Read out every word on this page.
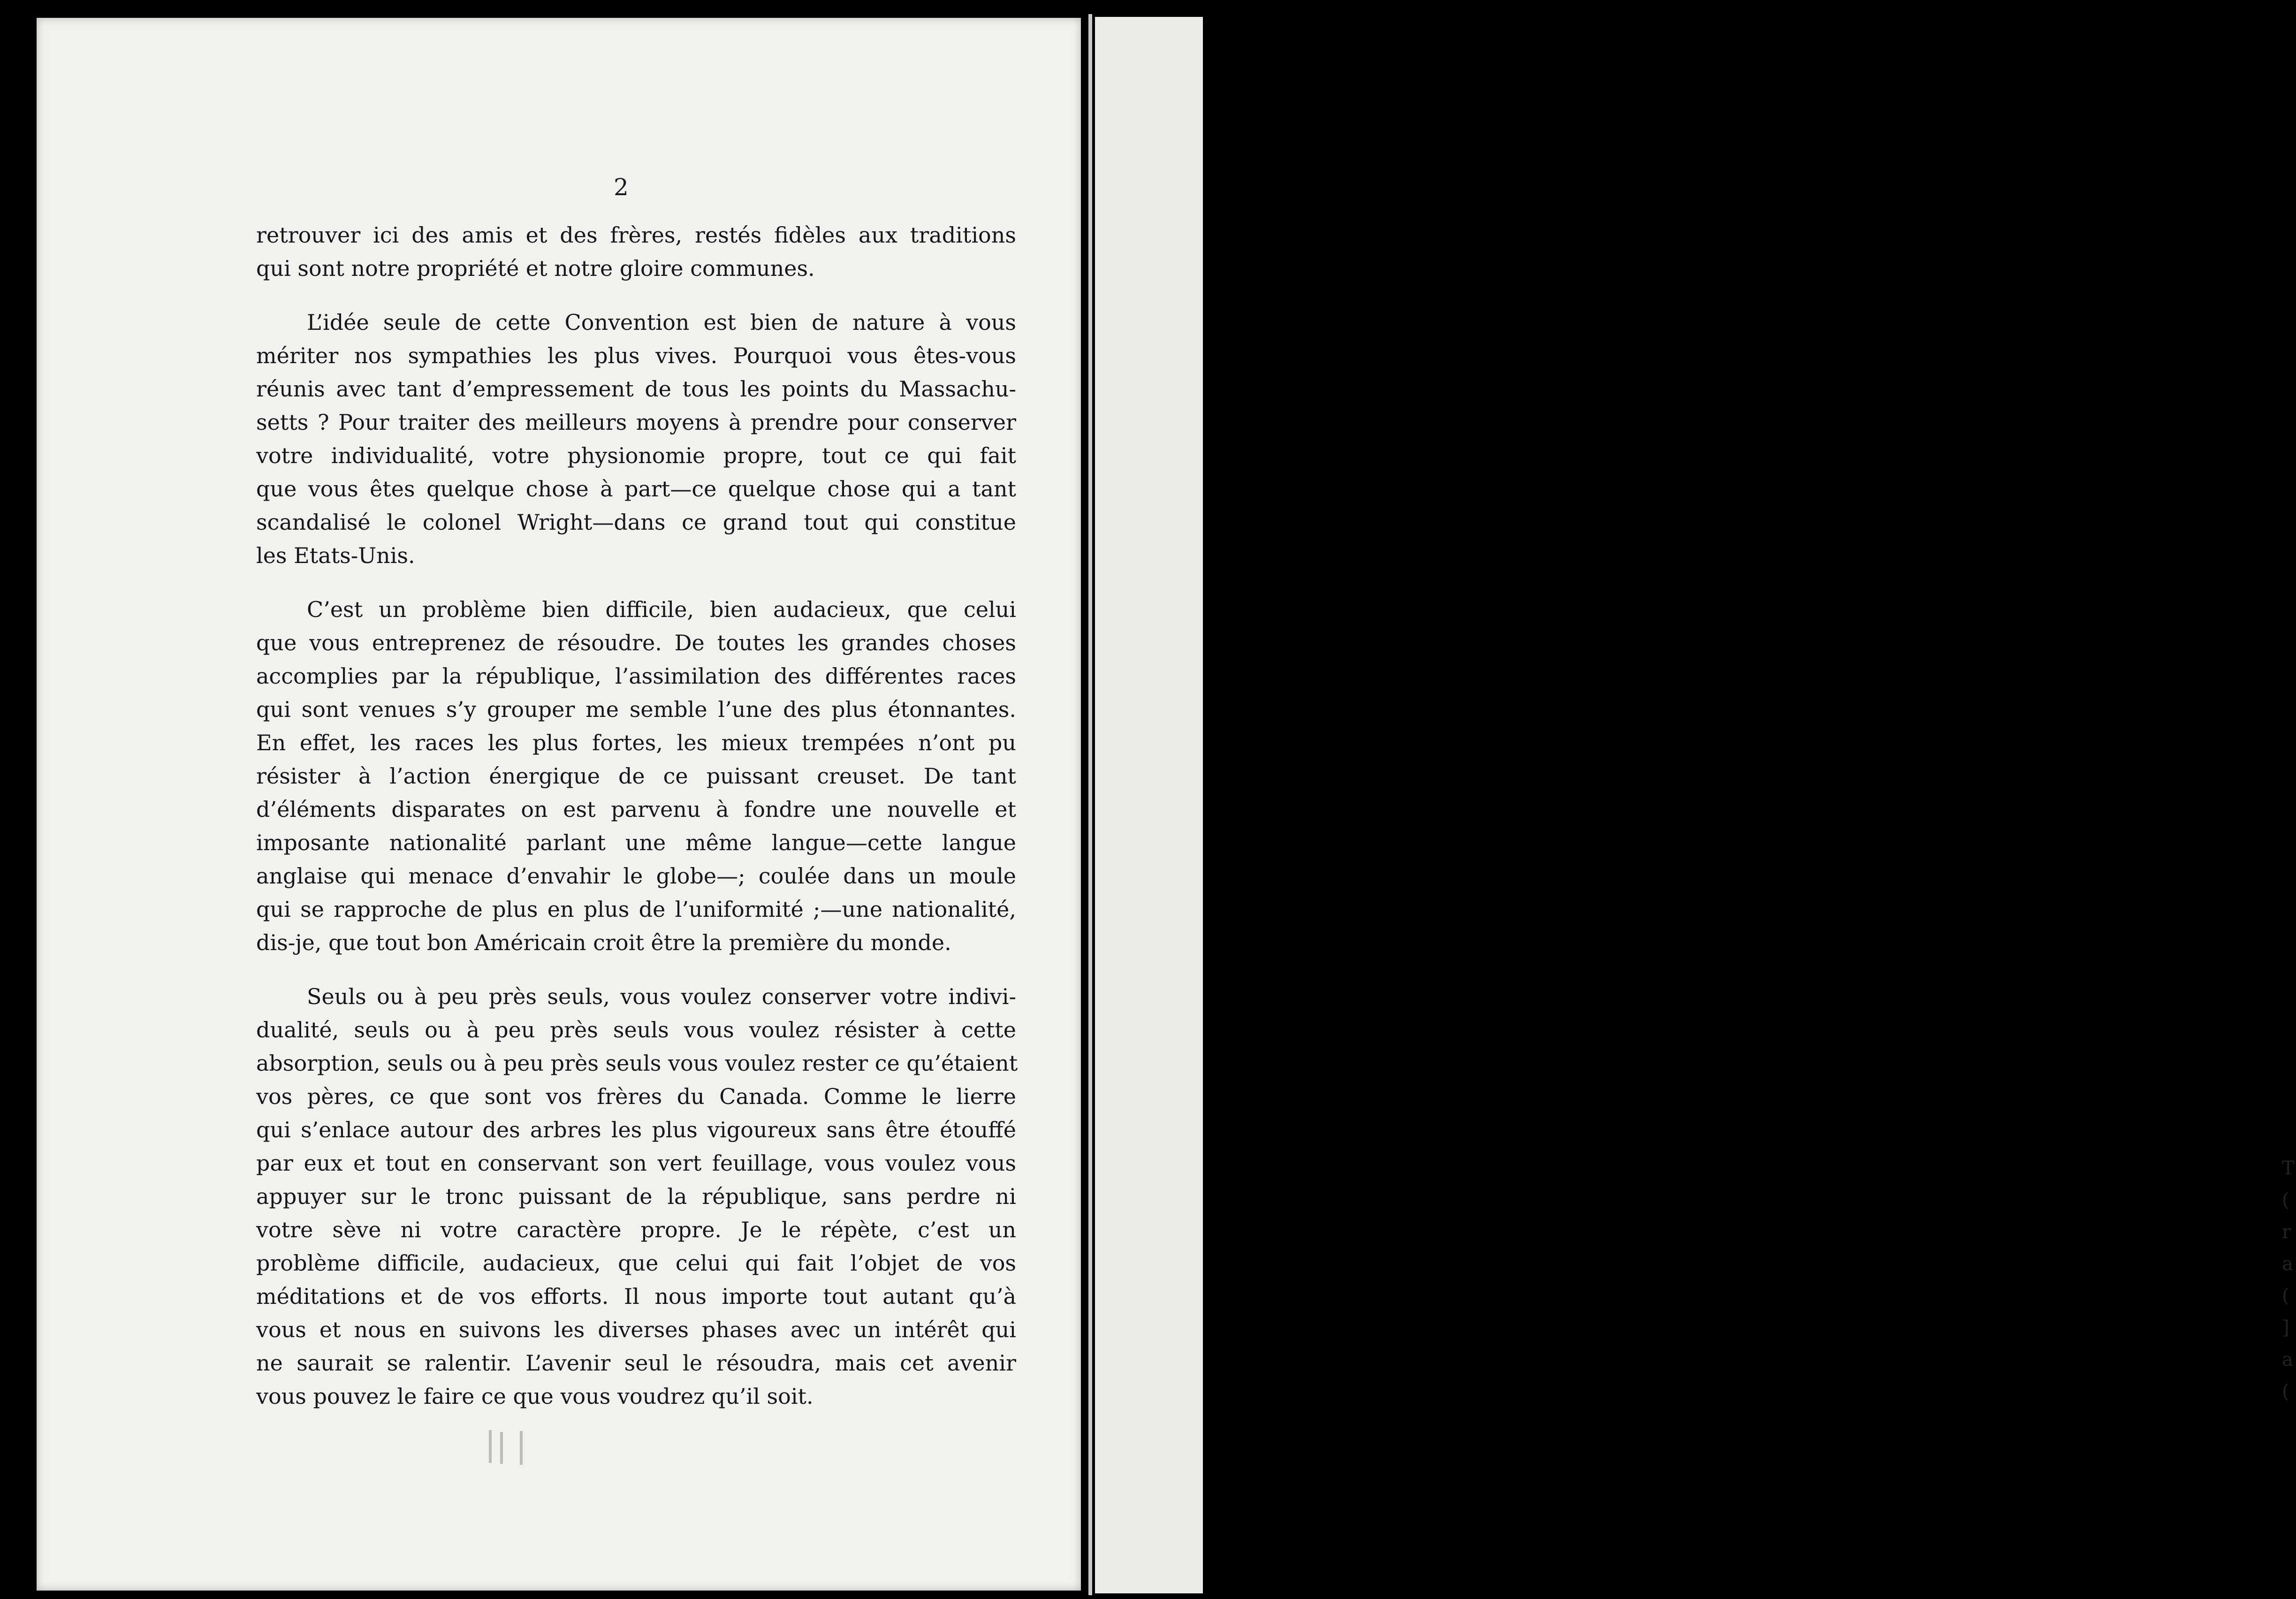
2
retrouver ici des amis et des frères, restés fidèles aux traditions
qui sont notre propriété et notre gloire communes.
L’idée seule de cette Convention est bien de nature à vous
mériter nos sympathies les plus vives. Pourquoi vous êtes-vous
réunis avec tant d’empressement de tous les points du Massachu-
setts ? Pour traiter des meilleurs moyens à prendre pour conserver
votre individualité, votre physionomie propre, tout ce qui fait
que vous êtes quelque chose à part—ce quelque chose qui a tant
scandalisé le colonel Wright—dans ce grand tout qui constitue
les Etats-Unis.
C’est un problème bien difficile, bien audacieux, que celui
que vous entreprenez de résoudre. De toutes les grandes choses
accomplies par la république, l’assimilation des différentes races
qui sont venues s’y grouper me semble l’une des plus étonnantes.
En effet, les races les plus fortes, les mieux trempées n’ont pu
résister à l’action énergique de ce puissant creuset. De tant
d’éléments disparates on est parvenu à fondre une nouvelle et
imposante nationalité parlant une même langue—cette langue
anglaise qui menace d’envahir le globe—; coulée dans un moule
qui se rapproche de plus en plus de l’uniformité ;—une nationalité,
dis-je, que tout bon Américain croit être la première du monde.
Seuls ou à peu près seuls, vous voulez conserver votre indivi-
dualité, seuls ou à peu près seuls vous voulez résister à cette
absorption, seuls ou à peu près seuls vous voulez rester ce qu’étaient
vos pères, ce que sont vos frères du Canada. Comme le lierre
qui s’enlace autour des arbres les plus vigoureux sans être étouffé
par eux et tout en conservant son vert feuillage, vous voulez vous
appuyer sur le tronc puissant de la république, sans perdre ni
votre sève ni votre caractère propre. Je le répète, c’est un
problème difficile, audacieux, que celui qui fait l’objet de vos
méditations et de vos efforts. Il nous importe tout autant qu’à
vous et nous en suivons les diverses phases avec un intérêt qui
ne saurait se ralentir. L’avenir seul le résoudra, mais cet avenir
vous pouvez le faire ce que vous voudrez qu’il soit.
T
(
r
a
(
]
a
(
